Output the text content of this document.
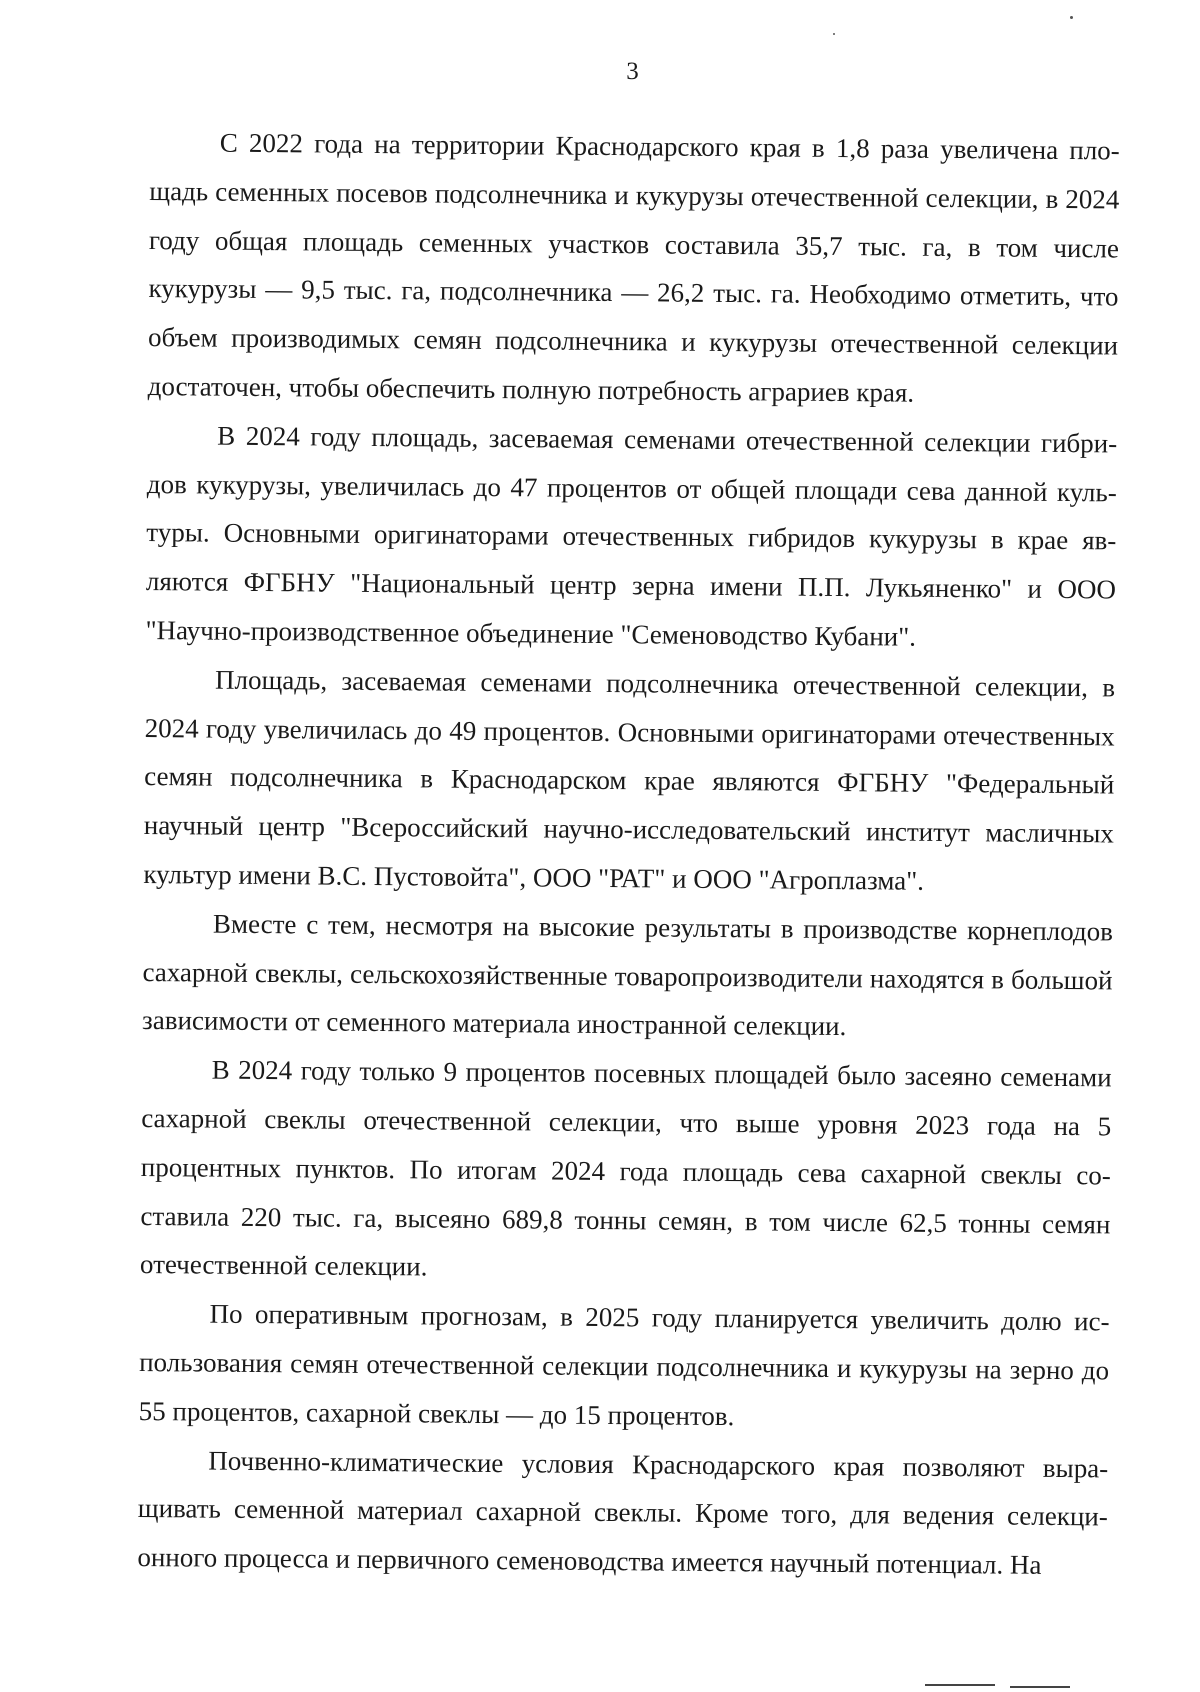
3

С 2022 года на территории Краснодарского края в 1,8 раза увеличена площадь семенных посевов подсолнечника и кукурузы отечественной селекции, в 2024 году общая площадь семенных участков составила 35,7 тыс. га, в том числе кукурузы — 9,5 тыс. га, подсолнечника — 26,2 тыс. га. Необходимо отметить, что объем производимых семян подсолнечника и кукурузы отечественной селекции достаточен, чтобы обеспечить полную потребность аграриев края.

В 2024 году площадь, засеваемая семенами отечественной селекции гибридов кукурузы, увеличилась до 47 процентов от общей площади сева данной культуры. Основными оригинаторами отечественных гибридов кукурузы в крае являются ФГБНУ "Национальный центр зерна имени П.П. Лукьяненко" и ООО "Научно-производственное объединение "Семеноводство Кубани".

Площадь, засеваемая семенами подсолнечника отечественной селекции, в 2024 году увеличилась до 49 процентов. Основными оригинаторами отечественных семян подсолнечника в Краснодарском крае являются ФГБНУ "Федеральный научный центр "Всероссийский научно-исследовательский институт масличных культур имени В.С. Пустовойта", ООО "РАТ" и ООО "Агроплазма".

Вместе с тем, несмотря на высокие результаты в производстве корнеплодов сахарной свеклы, сельскохозяйственные товаропроизводители находятся в большой зависимости от семенного материала иностранной селекции.

В 2024 году только 9 процентов посевных площадей было засеяно семенами сахарной свеклы отечественной селекции, что выше уровня 2023 года на 5 процентных пунктов. По итогам 2024 года площадь сева сахарной свеклы составила 220 тыс. га, высеяно 689,8 тонны семян, в том числе 62,5 тонны семян отечественной селекции.

По оперативным прогнозам, в 2025 году планируется увеличить долю использования семян отечественной селекции подсолнечника и кукурузы на зерно до 55 процентов, сахарной свеклы — до 15 процентов.

Почвенно-климатические условия Краснодарского края позволяют выращивать семенной материал сахарной свеклы. Кроме того, для ведения селекционного процесса и первичного семеноводства имеется научный потенциал. На
